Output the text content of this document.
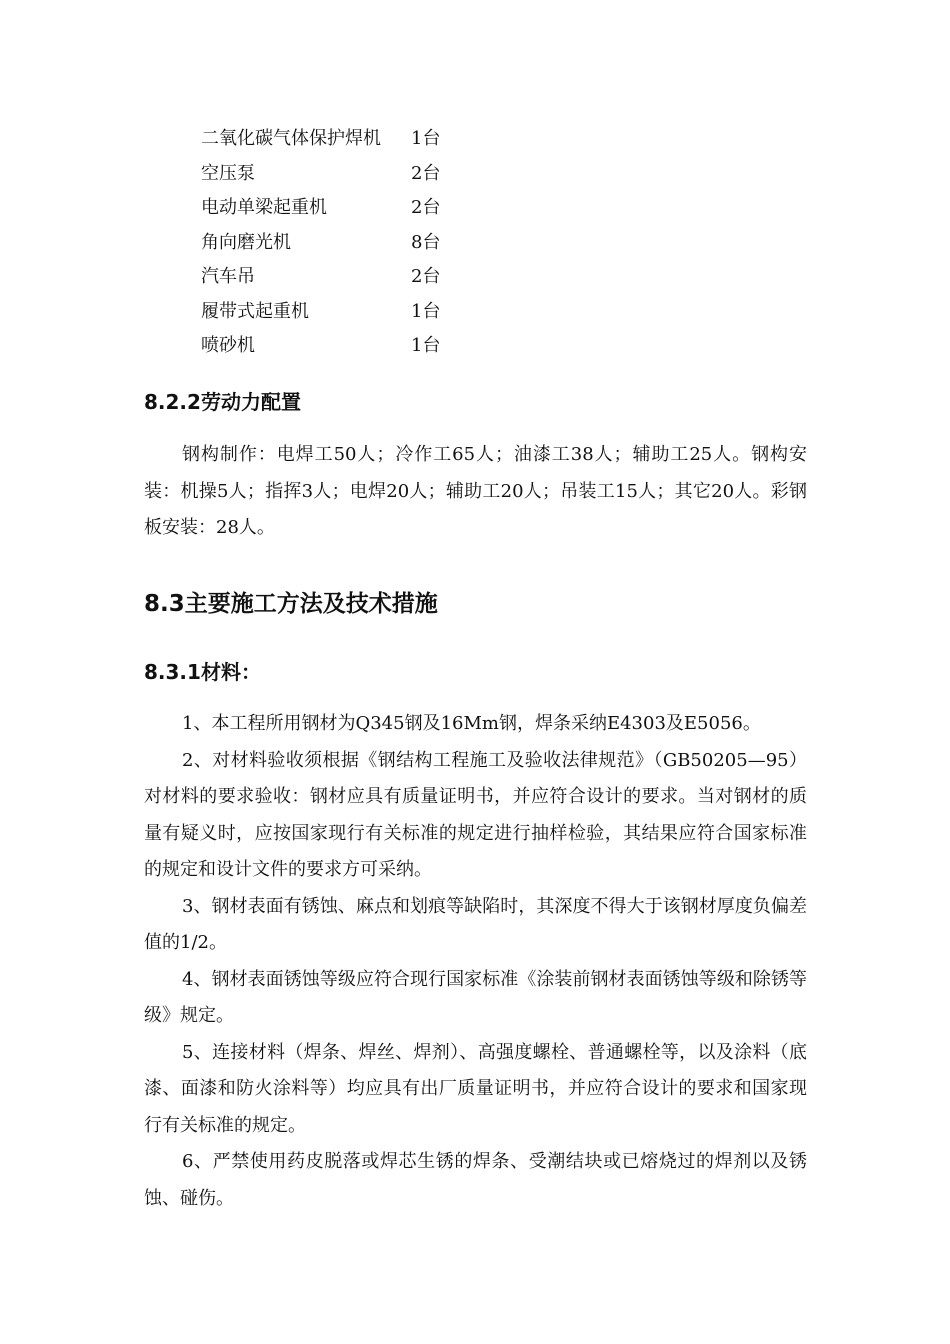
二氧化碳气体保护焊机	1台
空压泵	2台
电动单梁起重机	2台
角向磨光机	8台
汽车吊	2台
履带式起重机	1台
喷砂机	1台
8.2.2劳动力配置

钢构制作：电焊工50人；冷作工65人；油漆工38人；辅助工25人。钢构安装：机操5人；指挥3人；电焊20人；辅助工20人；吊装工15人；其它20人。彩钢板安装：28人。

8.3主要施工方法及技术措施
8.3.1材料：

1、本工程所用钢材为Q345钢及16Mm钢，焊条采纳E4303及E5056。

2、对材料验收须根据《钢结构工程施工及验收法律规范》（GB50205—95）对材料的要求验收：钢材应具有质量证明书，并应符合设计的要求。当对钢材的质量有疑义时，应按国家现行有关标准的规定进行抽样检验，其结果应符合国家标准的规定和设计文件的要求方可采纳。

3、钢材表面有锈蚀、麻点和划痕等缺陷时，其深度不得大于该钢材厚度负偏差值的1/2。

4、钢材表面锈蚀等级应符合现行国家标准《涂装前钢材表面锈蚀等级和除锈等级》规定。

5、连接材料（焊条、焊丝、焊剂）、高强度螺栓、普通螺栓等，以及涂料（底漆、面漆和防火涂料等）均应具有出厂质量证明书，并应符合设计的要求和国家现行有关标准的规定。

6、严禁使用药皮脱落或焊芯生锈的焊条、受潮结块或已熔烧过的焊剂以及锈蚀、碰伤。
